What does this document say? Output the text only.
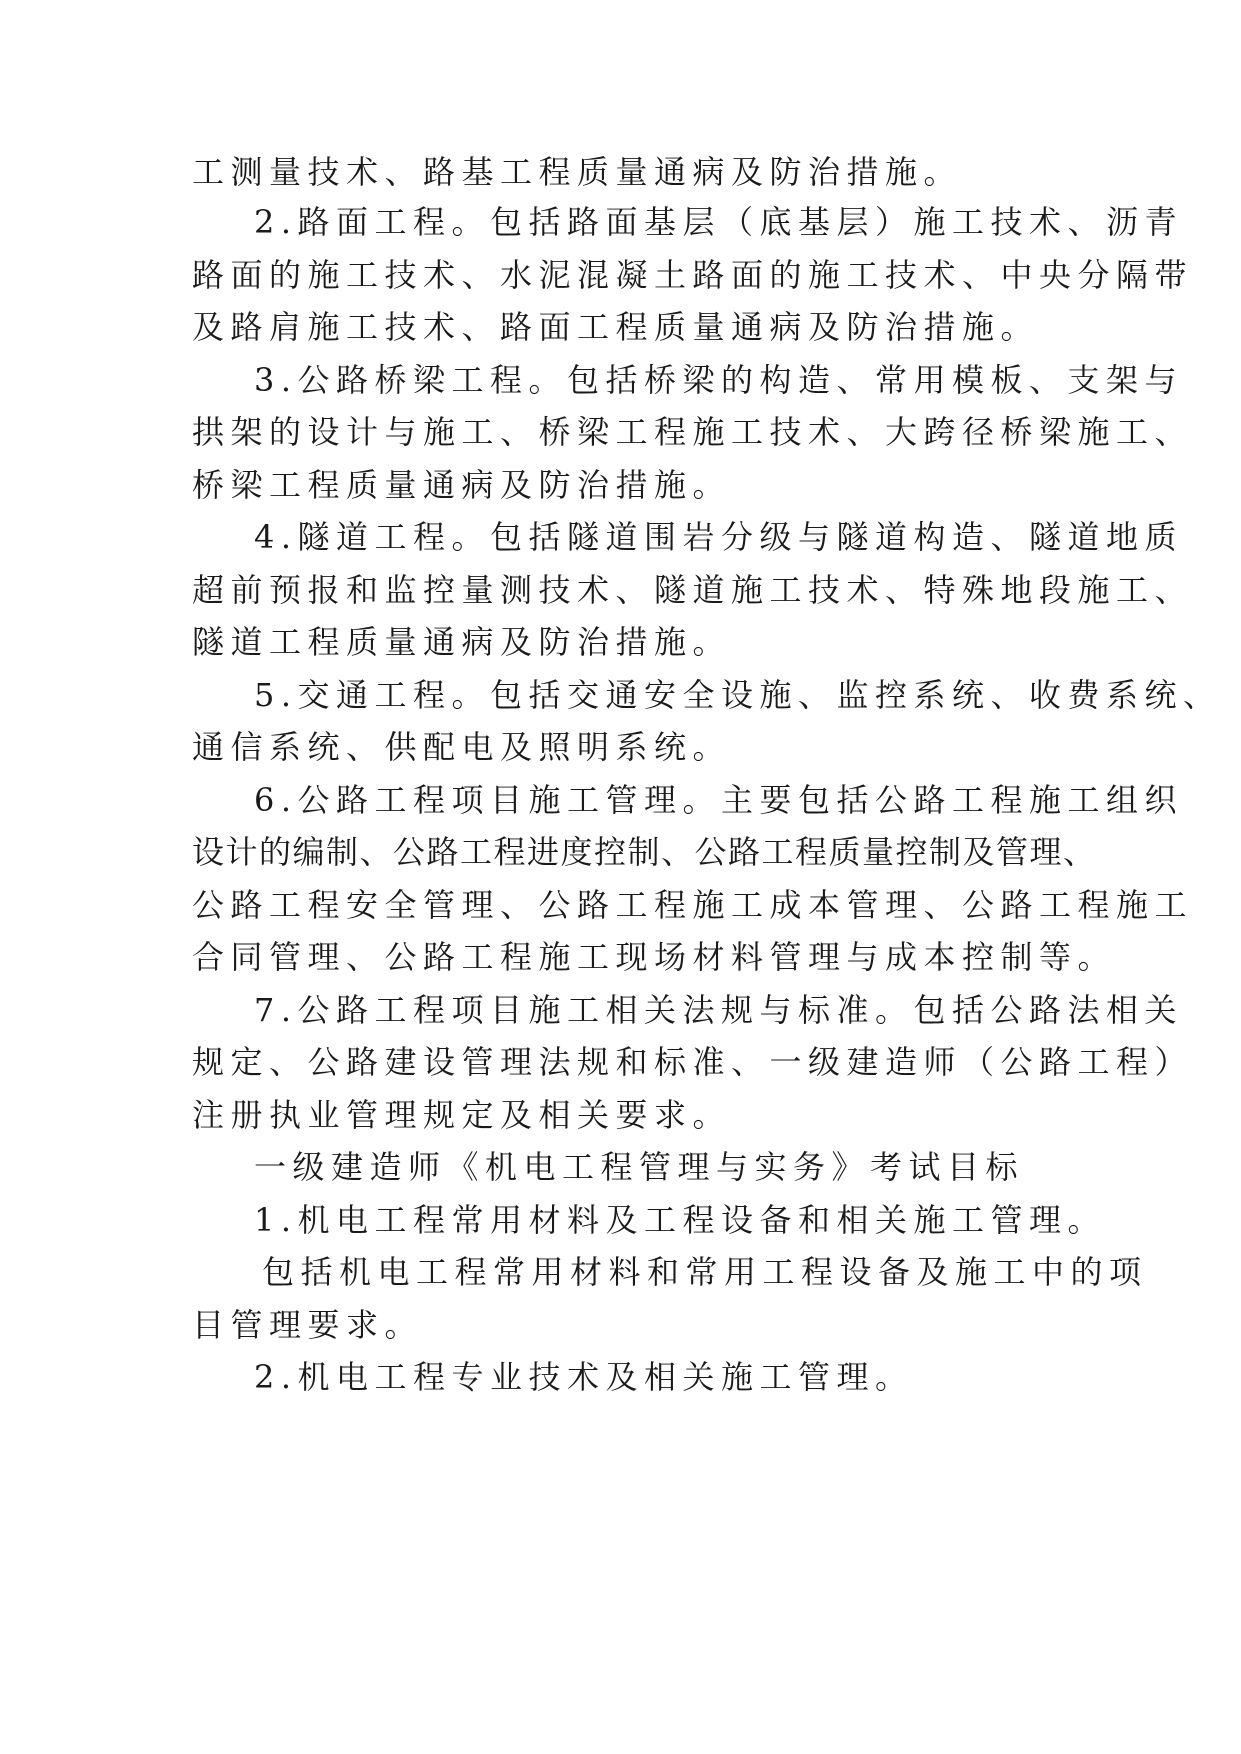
工测量技术、路基工程质量通病及防治措施。
2.路面工程。包括路面基层（底基层）施工技术、沥青
路面的施工技术、水泥混凝土路面的施工技术、中央分隔带
及路肩施工技术、路面工程质量通病及防治措施。
3.公路桥梁工程。包括桥梁的构造、常用模板、支架与
拱架的设计与施工、桥梁工程施工技术、大跨径桥梁施工、
桥梁工程质量通病及防治措施。
4.隧道工程。包括隧道围岩分级与隧道构造、隧道地质
超前预报和监控量测技术、隧道施工技术、特殊地段施工、
隧道工程质量通病及防治措施。
5.交通工程。包括交通安全设施、监控系统、收费系统、
通信系统、供配电及照明系统。
6.公路工程项目施工管理。主要包括公路工程施工组织
设计的编制、公路工程进度控制、公路工程质量控制及管理、
公路工程安全管理、公路工程施工成本管理、公路工程施工
合同管理、公路工程施工现场材料管理与成本控制等。
7.公路工程项目施工相关法规与标准。包括公路法相关
规定、公路建设管理法规和标准、一级建造师（公路工程）
注册执业管理规定及相关要求。
一级建造师《机电工程管理与实务》考试目标
1.机电工程常用材料及工程设备和相关施工管理。
包括机电工程常用材料和常用工程设备及施工中的项
目管理要求。
2.机电工程专业技术及相关施工管理。
